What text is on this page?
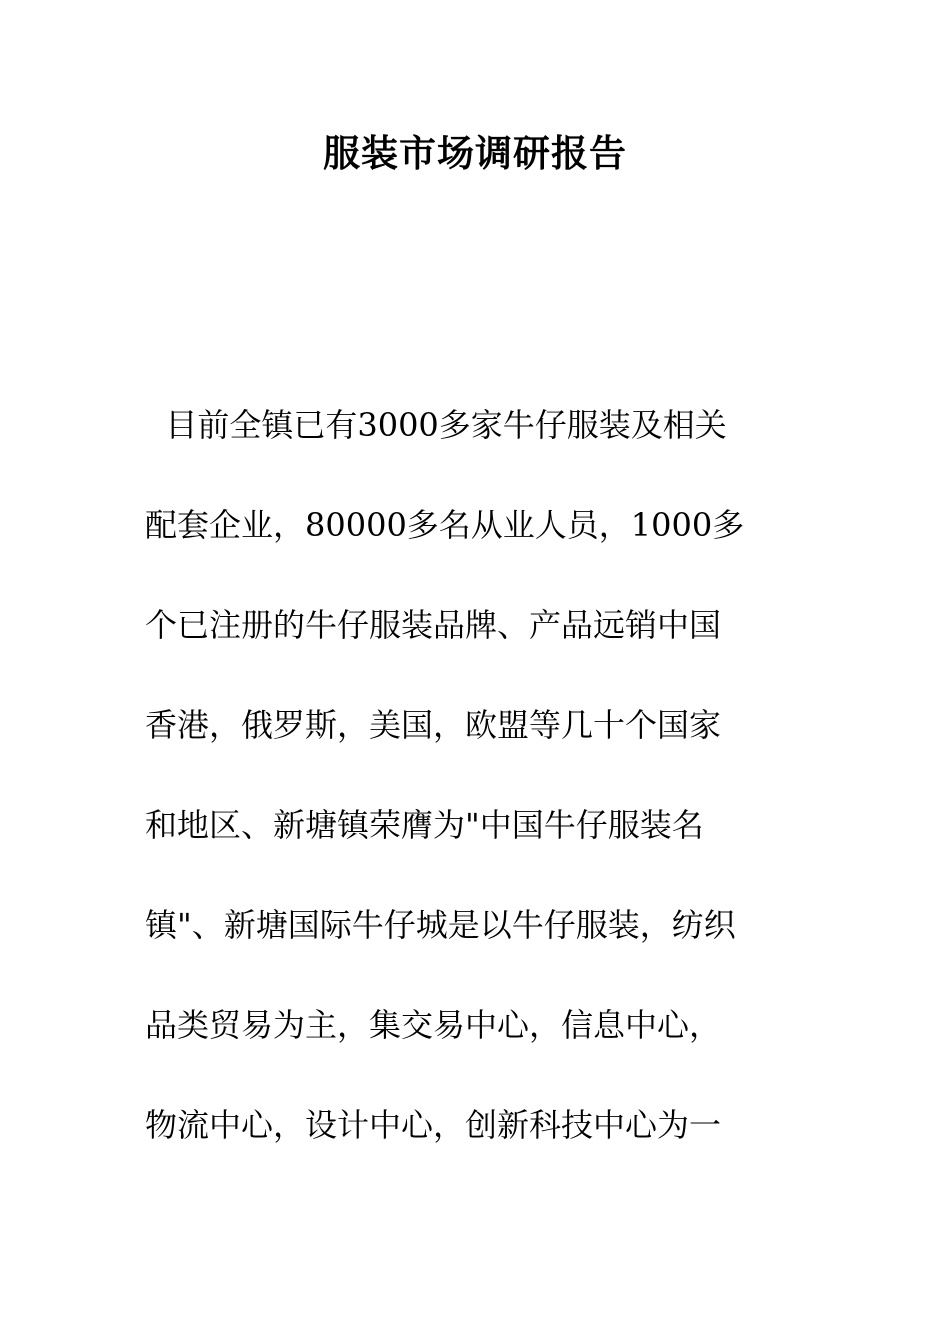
服装市场调研报告
目前全镇已有3000多家牛仔服装及相关
配套企业，80000多名从业人员，1000多
个已注册的牛仔服装品牌、产品远销中国
香港，俄罗斯，美国，欧盟等几十个国家
和地区、新塘镇荣膺为"中国牛仔服装名
镇"、新塘国际牛仔城是以牛仔服装，纺织
品类贸易为主，集交易中心，信息中心，
物流中心，设计中心，创新科技中心为一
